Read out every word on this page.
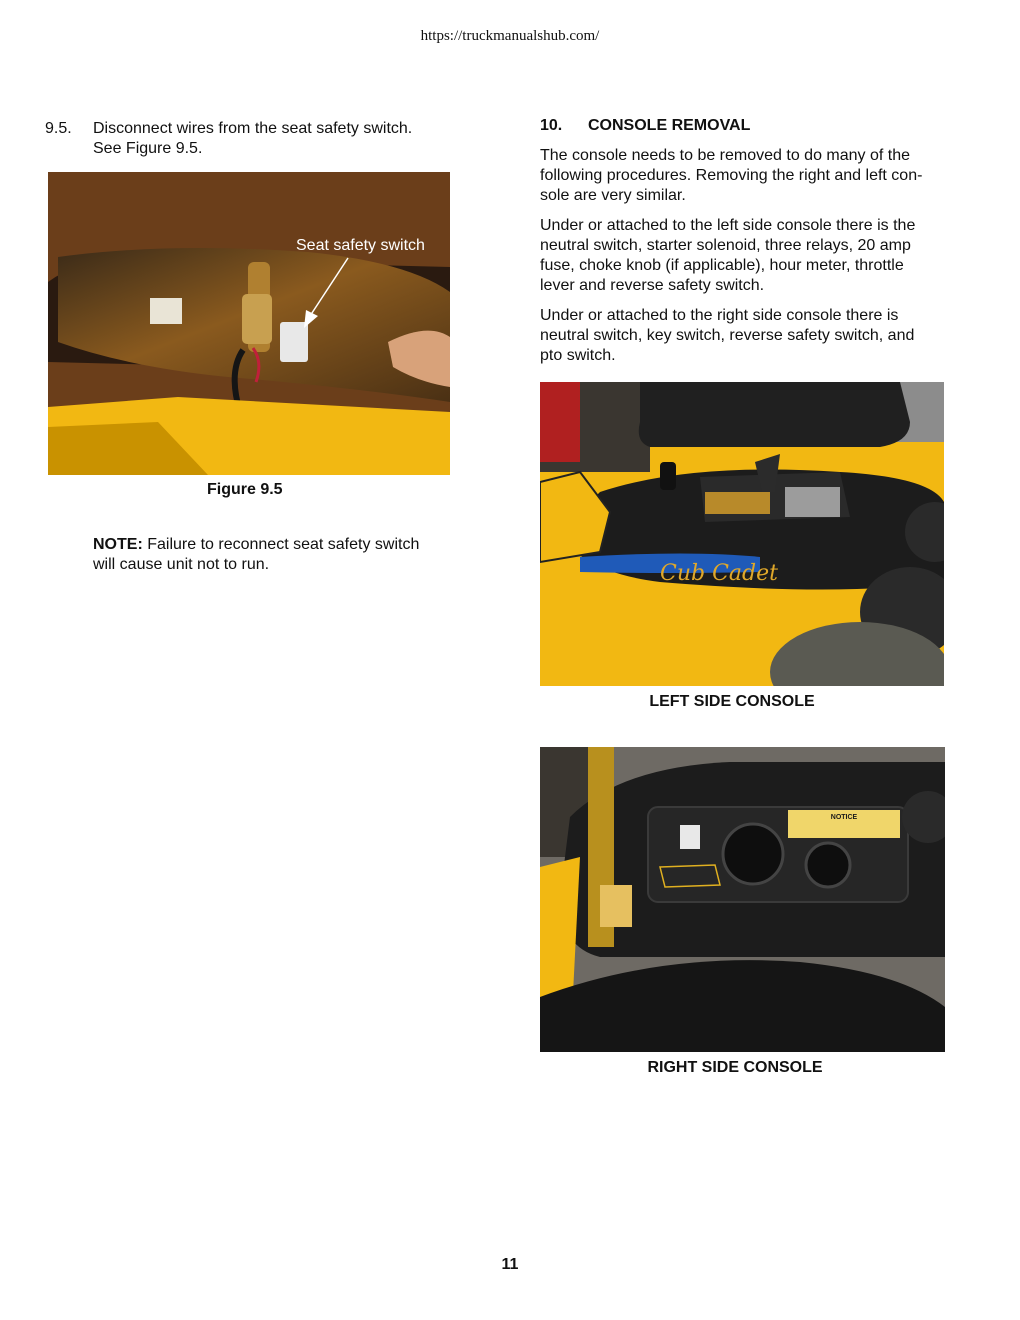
https://truckmanualshub.com/
9.5. Disconnect wires from the seat safety switch.
See Figure 9.5.
Seat safety switch
Figure 9.5
NOTE: Failure to reconnect seat safety switch
will cause unit not to run.
10. CONSOLE REMOVAL
The console needs to be removed to do many of the
following procedures. Removing the right and left con-
sole are very similar.
Under or attached to the left side console there is the
neutral switch, starter solenoid, three relays, 20 amp
fuse, choke knob (if applicable), hour meter, throttle
lever and reverse safety switch.
Under or attached to the right side console there is
neutral switch, key switch, reverse safety switch, and
pto switch.
Cub Cadet
LEFT SIDE CONSOLE
NOTICE
RIGHT SIDE CONSOLE
11
